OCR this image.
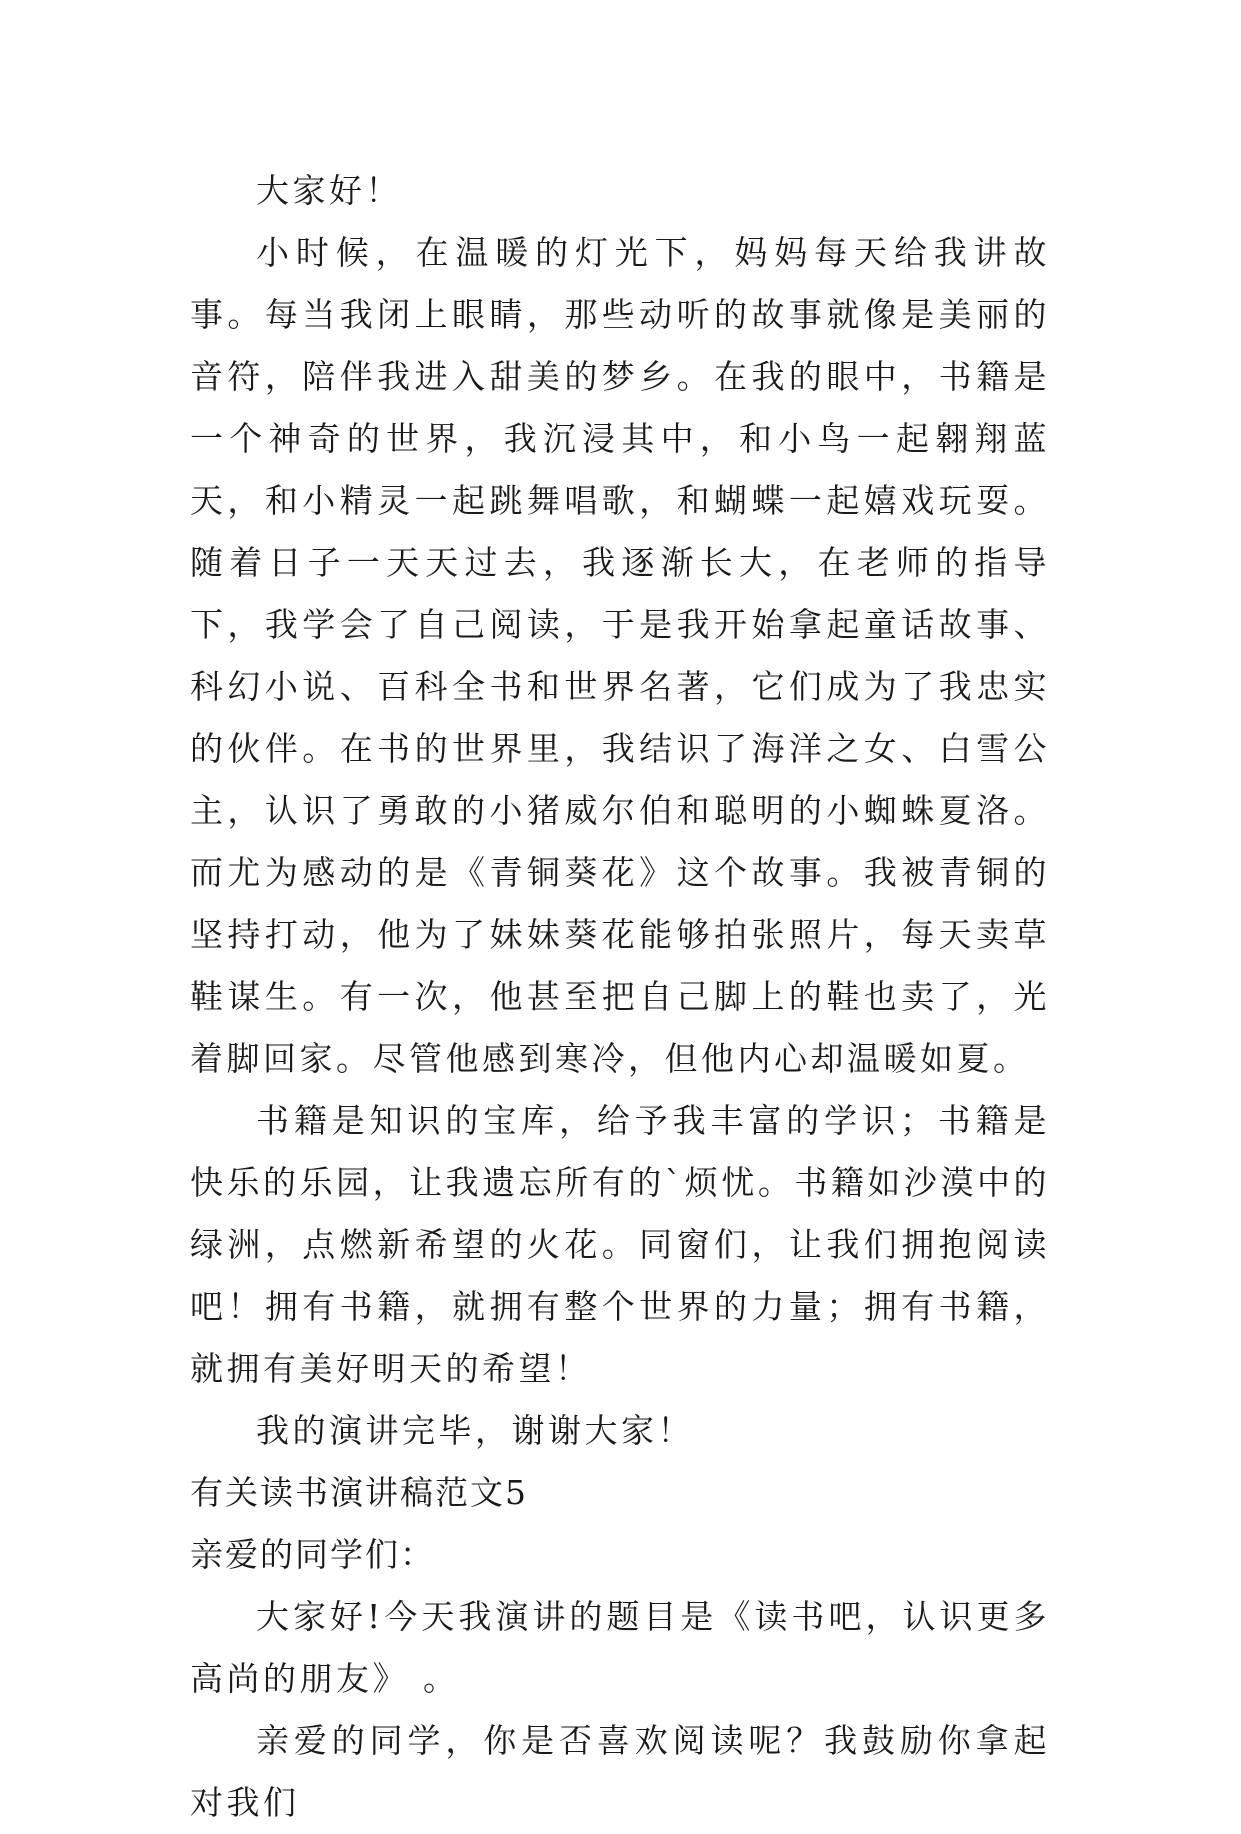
大家好！

小时候，在温暖的灯光下，妈妈每天给我讲故事。每当我闭上眼睛，那些动听的故事就像是美丽的音符，陪伴我进入甜美的梦乡。在我的眼中，书籍是一个神奇的世界，我沉浸其中，和小鸟一起翱翔蓝天，和小精灵一起跳舞唱歌，和蝴蝶一起嬉戏玩耍。随着日子一天天过去，我逐渐长大，在老师的指导下，我学会了自己阅读，于是我开始拿起童话故事、科幻小说、百科全书和世界名著，它们成为了我忠实的伙伴。在书的世界里，我结识了海洋之女、白雪公主，认识了勇敢的小猪威尔伯和聪明的小蜘蛛夏洛。而尤为感动的是《青铜葵花》这个故事。我被青铜的坚持打动，他为了妹妹葵花能够拍张照片，每天卖草鞋谋生。有一次，他甚至把自己脚上的鞋也卖了，光着脚回家。尽管他感到寒冷，但他内心却温暖如夏。

书籍是知识的宝库，给予我丰富的学识；书籍是快乐的乐园，让我遗忘所有的`烦忧。书籍如沙漠中的绿洲，点燃新希望的火花。同窗们，让我们拥抱阅读吧！拥有书籍，就拥有整个世界的力量；拥有书籍，就拥有美好明天的希望！

我的演讲完毕，谢谢大家！

有关读书演讲稿范文5

亲爱的同学们：

大家好!今天我演讲的题目是《读书吧，认识更多高尚的朋友》 。

亲爱的同学，你是否喜欢阅读呢？我鼓励你拿起对我们
